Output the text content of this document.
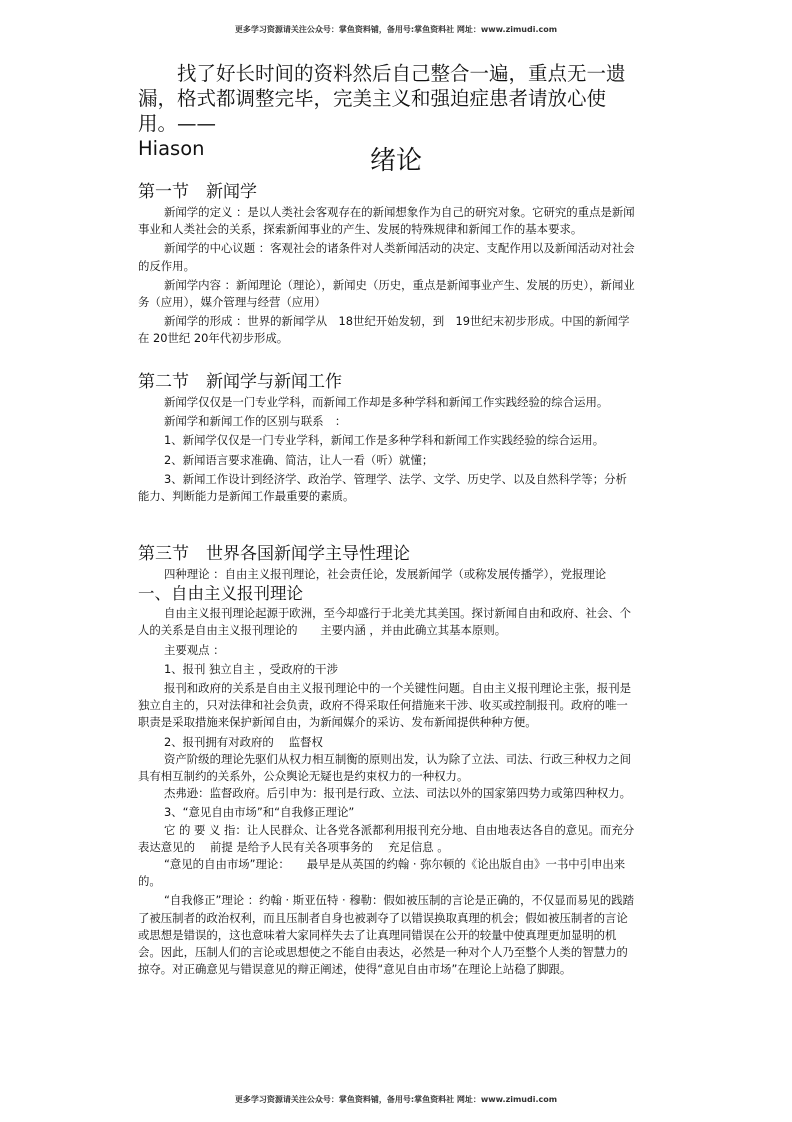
更多学习资源请关注公众号：掌鱼资料铺，备用号:掌鱼资料社 网址：www.zimudi.com

找了好长时间的资料然后自己整合一遍，重点无一遗漏，格式都调整完毕，完美主义和强迫症患者请放心使用。——

Hiason	绪论

第一节　新闻学

新闻学的定义 ：是以人类社会客观存在的新闻想象作为自己的研究对象。它研究的重点是新闻事业和人类社会的关系，探索新闻事业的产生、发展的特殊规律和新闻工作的基本要求。

新闻学的中心议题 ：客观社会的诸条件对人类新闻活动的决定、支配作用以及新闻活动对社会的反作用。

新闻学内容 ：新闻理论（理论），新闻史（历史，重点是新闻事业产生、发展的历史），新闻业务（应用），媒介管理与经营（应用）

新闻学的形成 ：世界的新闻学从　18世纪开始发轫，到　19世纪末初步形成。中国的新闻学在 20世纪 20年代初步形成。

第二节　新闻学与新闻工作

新闻学仅仅是一门专业学科，而新闻工作却是多种学科和新闻工作实践经验的综合运用。

新闻学和新闻工作的区别与联系　：

1、新闻学仅仅是一门专业学科，新闻工作是多种学科和新闻工作实践经验的综合运用。

2、新闻语言要求准确、简洁，让人一看（听）就懂；

3、新闻工作设计到经济学、政治学、管理学、法学、文学、历史学、以及自然科学等；分析能力、判断能力是新闻工作最重要的素质。

第三节　世界各国新闻学主导性理论

四种理论 ：自由主义报刊理论，社会责任论，发展新闻学（或称发展传播学），党报理论

一、自由主义报刊理论

自由主义报刊理论起源于欧洲，至今却盛行于北美尤其美国。探讨新闻自由和政府、社会、个人的关系是自由主义报刊理论的　　主要内涵 ，并由此确立其基本原则。

主要观点 ：

1、报刊 独立自主 ，受政府的干涉

报刊和政府的关系是自由主义报刊理论中的一个关键性问题。自由主义报刊理论主张，报刊是独立自主的，只对法律和社会负责，政府不得采取任何措施来干涉、收买或控制报刊。政府的唯一职责是采取措施来保护新闻自由，为新闻媒介的采访、发布新闻提供种种方便。

2、报刊拥有对政府的　 监督权

资产阶级的理论先驱们从权力相互制衡的原则出发，认为除了立法、司法、行政三种权力之间具有相互制约的关系外，公众舆论无疑也是约束权力的一种权力。

杰弗逊：监督政府。后引申为：报刊是行政、立法、司法以外的国家第四势力或第四种权力。

3、“意见自由市场”和“自我修正理论”

它 的 要 义 指：让人民群众、让各党各派都利用报刊充分地、自由地表达各自的意见。而充分表达意见的　 前提 是给予人民有关各项事务的　 充足信息 。

“意见的自由市场”理论：　　最早是从英国的约翰 · 弥尔顿的《论出版自由》一书中引申出来的。

“自我修正”理论 ：约翰 · 斯亚伍特 · 穆勒：假如被压制的言论是正确的，不仅显而易见的践踏了被压制者的政治权利，而且压制者自身也被剥夺了以错误换取真理的机会；假如被压制者的言论或思想是错误的，这也意味着大家同样失去了让真理同错误在公开的较量中使真理更加显明的机会。因此，压制人们的言论或思想使之不能自由表达，必然是一种对个人乃至整个人类的智慧力的掠夺。对正确意见与错误意见的辩正阐述，使得“意见自由市场”在理论上站稳了脚跟。

更多学习资源请关注公众号：掌鱼资料铺，备用号:掌鱼资料社 网址：www.zimudi.com
